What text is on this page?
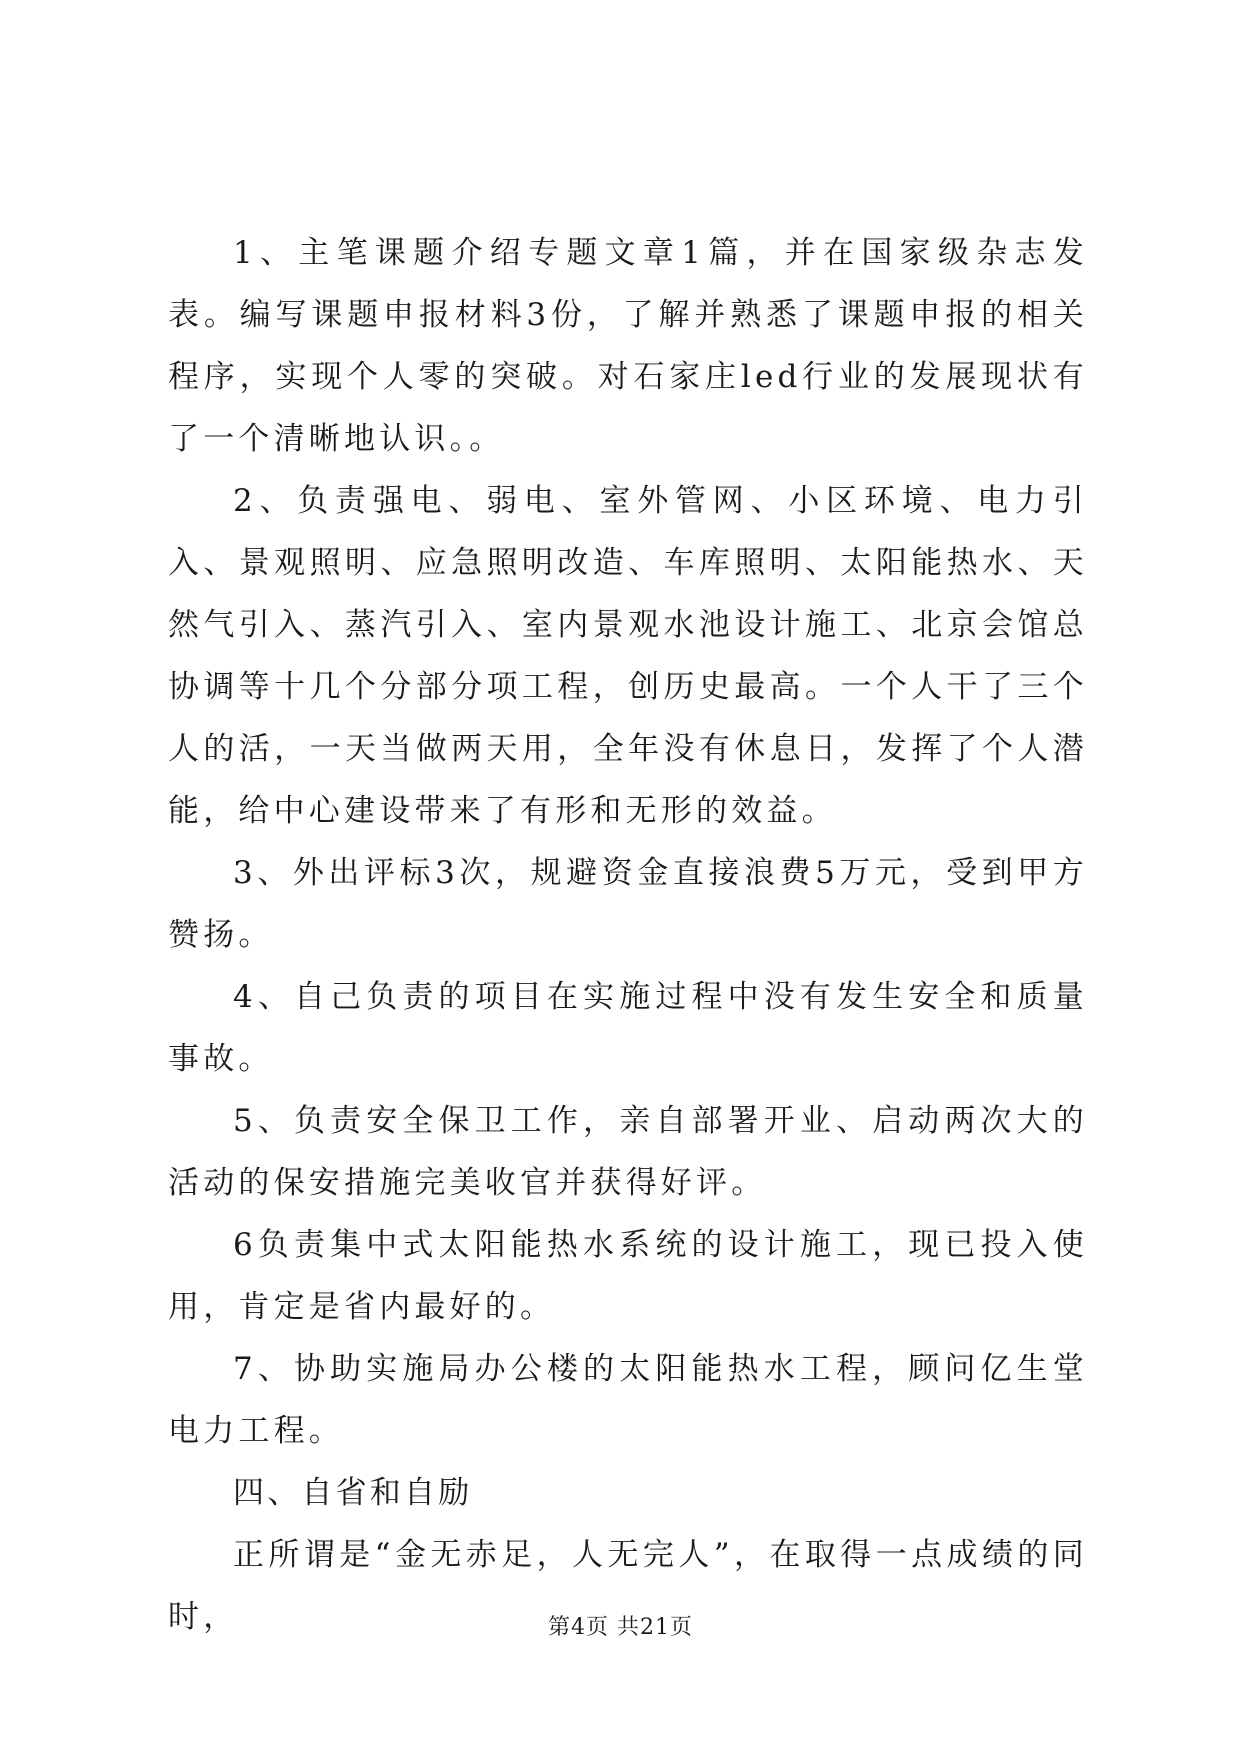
1、主笔课题介绍专题文章1篇，并在国家级杂志发表。编写课题申报材料3份，了解并熟悉了课题申报的相关程序，实现个人零的突破。对石家庄led行业的发展现状有了一个清晰地认识。。

2、负责强电、弱电、室外管网、小区环境、电力引入、景观照明、应急照明改造、车库照明、太阳能热水、天然气引入、蒸汽引入、室内景观水池设计施工、北京会馆总协调等十几个分部分项工程，创历史最高。一个人干了三个人的活，一天当做两天用，全年没有休息日，发挥了个人潜能，给中心建设带来了有形和无形的效益。

3、外出评标3次，规避资金直接浪费5万元，受到甲方赞扬。

4、自己负责的项目在实施过程中没有发生安全和质量事故。

5、负责安全保卫工作，亲自部署开业、启动两次大的活动的保安措施完美收官并获得好评。

6负责集中式太阳能热水系统的设计施工，现已投入使用，肯定是省内最好的。

7、协助实施局办公楼的太阳能热水工程，顾问亿生堂电力工程。

四、自省和自励

正所谓是“金无赤足，人无完人”，在取得一点成绩的同时，	第4页 共21页
